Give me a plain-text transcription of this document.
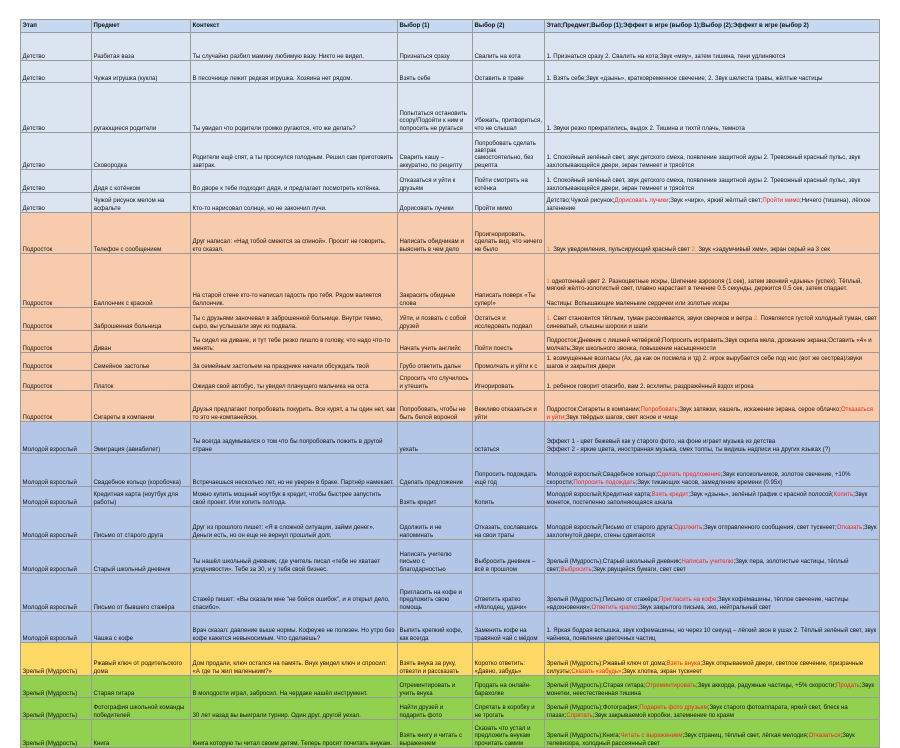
Этап	Предмет	Контекст	Выбор (1)	Выбор (2)	Этап;Предмет;Выбор (1);Эффект в игре (выбор 1);Выбор (2);Эффект в игре (выбор 2)
Детство	Разбитая ваза	Ты случайно разбил мамину любимую вазу. Никто не видел.	Признаться сразу	Свалить на кота	1. Признаться сразу 2. Свалить на кота;Звук «мяу», затем тишина, тени удлиняются
Детство	Чужая игрушка (кукла)	В песочнице лежит редкая игрушка. Хозяина нет рядом.	Взять себе	Оставить в траве	1. Взять себе;Звук «дзынь», кратковременное свечение; 2. Звук шелеста травы, жёлтые частицы
Детство	ругающиеся родители	Ты увидел что родители громко ругаются, что же делать?	Попытаться остановить ссору/Подойти к ним и попросить не ругаться	Убежать, притвориться, что не слышал	1. Звуки резко прекратились, выдох 2. Тишина и тихтй плачь, темнота
Детство	Сковородка	Родители ещё спят, а ты проснулся голодным. Решил сам приготовить завтрак.	Сварить кашу – аккуратно, по рецепту	Попробовать сделать завтрак самостоятельно, без рецепта	1. Спокойный зелёный свет, звук детского смеха, появление защитной ауры 2. Тревожный красный пульс, звук захлопывающейся двери, экран темнеет и трясётся
Детство	Дядя с котёнком	Во дворе к тебе подходит дядя, и предлагает посмотреть котёнка.	Отказаться и уйти к друзьям	Пойти смотреть на котёнка	1. Спокойный зелёный свет, звук детского смеха, появление защитной ауры 2. Тревожный красный пульс, звук захлопывающейся двери, экран темнеет и трясётся
Детство	Чужой рисунок мелом на асфальте	Кто-то нарисовал солнце, но не закончил лучи.	Дорисовать лучики	Пройти мимо	Детство;Чужой рисунок;Дорисовать лучики;Звук «чирк», яркий жёлтый свет;Пройти мимо;Ничего (тишина), лёгкое затенение
Подросток	Телефон с сообщением	Друг написал: «Над тобой смеются за спиной». Просит не говорить, кто сказал.	Написать обидчикам и выяснить в чем дело	Проигнорировать, сделать вид, что ничего не было	1. Звук уведомления, пульсирующий красный свет 2. Звук «задумчивый хмм», экран серый на 3 сек
Подросток	Баллончик с краской	На старой стене кто-то написал гадость про тебя. Рядом валяется баллончик.	Закрасить обидные слова	Написать поверх «Ты супер!»	1.однотонный цвет 2. Разноцветные искры, Шипение аэрозоля (1 сек), затем звонкий «дзынь» (успех). Тёплый, мягкий жёлто-золотистый свет, плавно нарастает в течение 0.5 секунды, держится 0.5 сек, затем спадает.

Частицы: Вспышающие маленькие сердечки или золотые искры
Подросток	Заброшенная больница	Ты с друзьями заночевал в заброшенной больнице. Внутри темно, сыро, вы услышали звук из подвала.	Уйти, и позвать с собой друзей	Остаться и исследовать подвал	1. Свет становится тёплым, туман рассеивается, звуки сверчков и ветра 2. Появляется густой холодный туман, свет синеватый, слышны шорохи и шаги
Подросток	Диван	Ты сидел на диване, и тут тебе резко пишло в голову, что надо что-то менять:	Начать учить английс	Пойти поесть	Подросток;Дневник с лишней четвёркой;Попросить исправить;Звук скрипа мела, дрожание экрана;Оставить «4» и молчать;Звук школьного звонка, повышение насыщенности
Подросток	Семейное застолье	За семейным застольем на празднике начали обсуждать твой	Грубо ответить дальн	Промолчать и уйти к с	1. возмущенные возгласы (Ах, да как он посмела и тд) 2. игрок вырубается себе под нос (вот же сестрва)/звуки шагов и закрытия двери
Подросток	Платок	Ожидая свой автобус, ты увидел плачущего мальчика на оста	Спросить что случилось и утешить	Игнорировать	1. ребенок говорит спасибо, вам 2. всхлипы, раздражённый вздох игрока
Подросток	Сигареты в компании	Друзья предлагают попробовать покурить. Все курят, а ты один нет, как то это не-компанейски.	Попробовать, чтобы не быть белой вороной	Вежливо отказаться и уйти	Подросток;Сигареты в компании;Попробовать;Звук затяжки, кашель, искажение экрана, серое облачко;Отказаться и уйти;Звук твёрдых шагов, свет ясное и чище
Молодой взрослый	Эмиграция (авиабилет)	Ты всегда задумывался о том что бы попробовать пожить в другой стране	уехать	остаться	Эффект 1 - цвет бежевый как у старого фото, на фоне играет музыка из детства
Эффект 2 - яркие цвета, иностранная музыка, смех толпы, ты видишь надписи на других языках (?)
Молодой взрослый	Свадебное кольцо (коробочка)	Встречаешься несколько лет, но не уверен в браке. Партнёр намекает.	Сделать предложение	Попросить подождать ещё год	Молодой взрослый;Свадебное кольцо;Сделать предложение;Звук колокольчиков, золотое свечение, +10% скорости;Попросить подождать;Звук тикающих часов, замедление времени (0.95x)
Молодой взрослый	Кредитная карта (ноутбук для работы)	Можно купить мощный ноутбук в кредит, чтобы быстрее запустить свой проект. Или копить полгода.	Взять кредит	Копить	Молодой взрослый;Кредитная карта;Взять кредит;Звук «дзынь», зелёный график с красной полосой;Копить;Звук монеток, постепенно заполняющаяся шкала
Молодой взрослый	Письмо от старого друга	Друг из прошлого пишет: «Я в сложной ситуации, займи денег». Деньги есть, но он еще не вернул прошлый долг.	Одолжить и не напоминать	Отказать, сославшись на свои траты	Молодой взрослый;Письмо от старого друга;Одолжить;Звук отправленного сообщения, свет тускнеет;Отказать;Звук захлопнутой двери, стены сдвигаются
Молодой взрослый	Старый школьный дневник	Ты нашёл школьный дневник, где учитель писал «тебе не хватает усидчивости». Тебе за 30, и у тебя свой бизнес.	Написать учителю письмо с благодарностью	Выбросить дневник – всё в прошлом	Зрелый (Мудрость);Старый школьный дневник;Написать учителю;Звук пера, золотистые частицы, тёплый свет;Выбросить;Звук рвущейся бумаги, свет свет
Молодой взрослый	Письмо от бывшего стажёра	Стажёр пишет: «Вы сказали мне "не бойся ошибок", и я открыл дело, спасибо».	Пригласить на кофе и предложить свою помощь	Ответить кратко «Молодец, удачи»	Зрелый (Мудрость);Письмо от стажёра;Пригласить на кофе;Звук кофемашины, тёплое свечение, частицы «вдохновения»;Ответить кратко;Звук закрытого письма, экo, нейтральный свет
Молодой взрослый	Чашка с кофе	Врач сказал: давление выше нормы. Кофеуже не полезен. Но утро без кофе кажется невыносимым. Что сделаешь?	Выпить крепкий кофе, как всегда	Заменить кофе на травяной чай с мёдом	1. Яркая бодрая вспышка, звук кофемашины, но через 10 секунд – лёгкий звон в ушах 2. Тёплый зелёный свет, звук чайника, появление цветочных частиц
Зрелый (Мудрость)	Ржавый ключ от родительского дома	Дом продали, ключ остался на память. Внук увидел ключ и спросил: «А где ты жил маленьким?»	Взять внука за руку, отвезти и рассказать	Коротко ответить: «Давно, забудь»	Зрелый (Мудрость);Ржавый ключ от дома;Взять внука;Звук открываемой двери, светлое свечение, призрачные силуэты;Сказать «забудь»;Звук хлопка, экран тускнеет
Зрелый (Мудрость)	Старая гитара	В молодости играл, забросил. На чердаке нашёл инструмент.	Отреминтировать и учить внука	Продать на онлайн-барахолке	Зрелый (Мудрость);Старая гитара;Отреминтировать;Звук аккорда, радужные частицы, +5% скорости;Продать;Звук монетки, неестественная тишина
Зрелый (Мудрость)	Фотография школьной команды победителей	30 лет назад вы выиграли турнир. Один друг, другой уехал.	Найти друзей и подарить фото	Спрятать в коробку и не трогать	Зрелый (Мудрость);Фотография;Подарить фото друзьям;Звук старого фотоаппарата, яркий свет, блеск на глазах;Спрятать;Звук закрываемой коробки, затемнение по краям
Зрелый (Мудрость)	Книга	Книга которую ты читал своим детям. Теперь просят почитать внукам.	Взять книгу и читать с выражением	Сказать что устал и предложить внукам прочитать самим	Зрелый (Мудрость);Книга;Читать с выражением;Звук страниц, тёплый свет, лёгкая мелодия;Отказаться;Звук телевизора, холодный рассеянный свет
